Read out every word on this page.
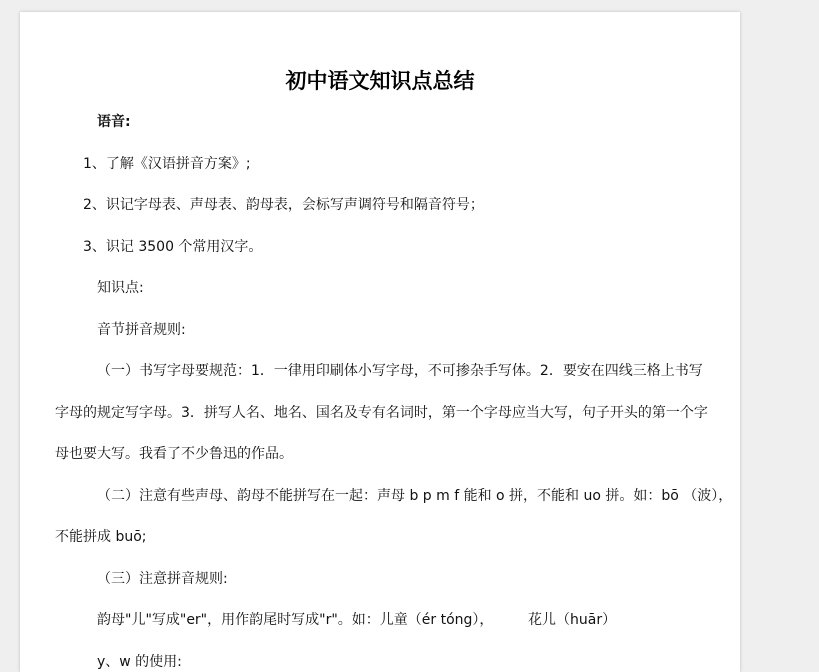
初中语文知识点总结
语音:
1、了解《汉语拼音方案》;
2、识记字母表、声母表、韵母表，会标写声调符号和隔音符号；
3、识记 3500 个常用汉字。
知识点:
音节拼音规则:
（一）书写字母要规范：1．一律用印刷体小写字母，不可掺杂手写体。2．要安在四线三格上书写
字母的规定写字母。3．拼写人名、地名、国名及专有名词时，第一个字母应当大写，句子开头的第一个字
母也要大写。我看了不少鲁迅的作品。
（二）注意有些声母、韵母不能拼写在一起：声母 b p m f 能和 o 拼，不能和 uo 拼。如：bō （波），
不能拼成 buō;
（三）注意拼音规则:
韵母"儿"写成"er"，用作韵尾时写成"r"。如：儿童（ér tóng）， 花儿（huār）
y、w 的使用:
